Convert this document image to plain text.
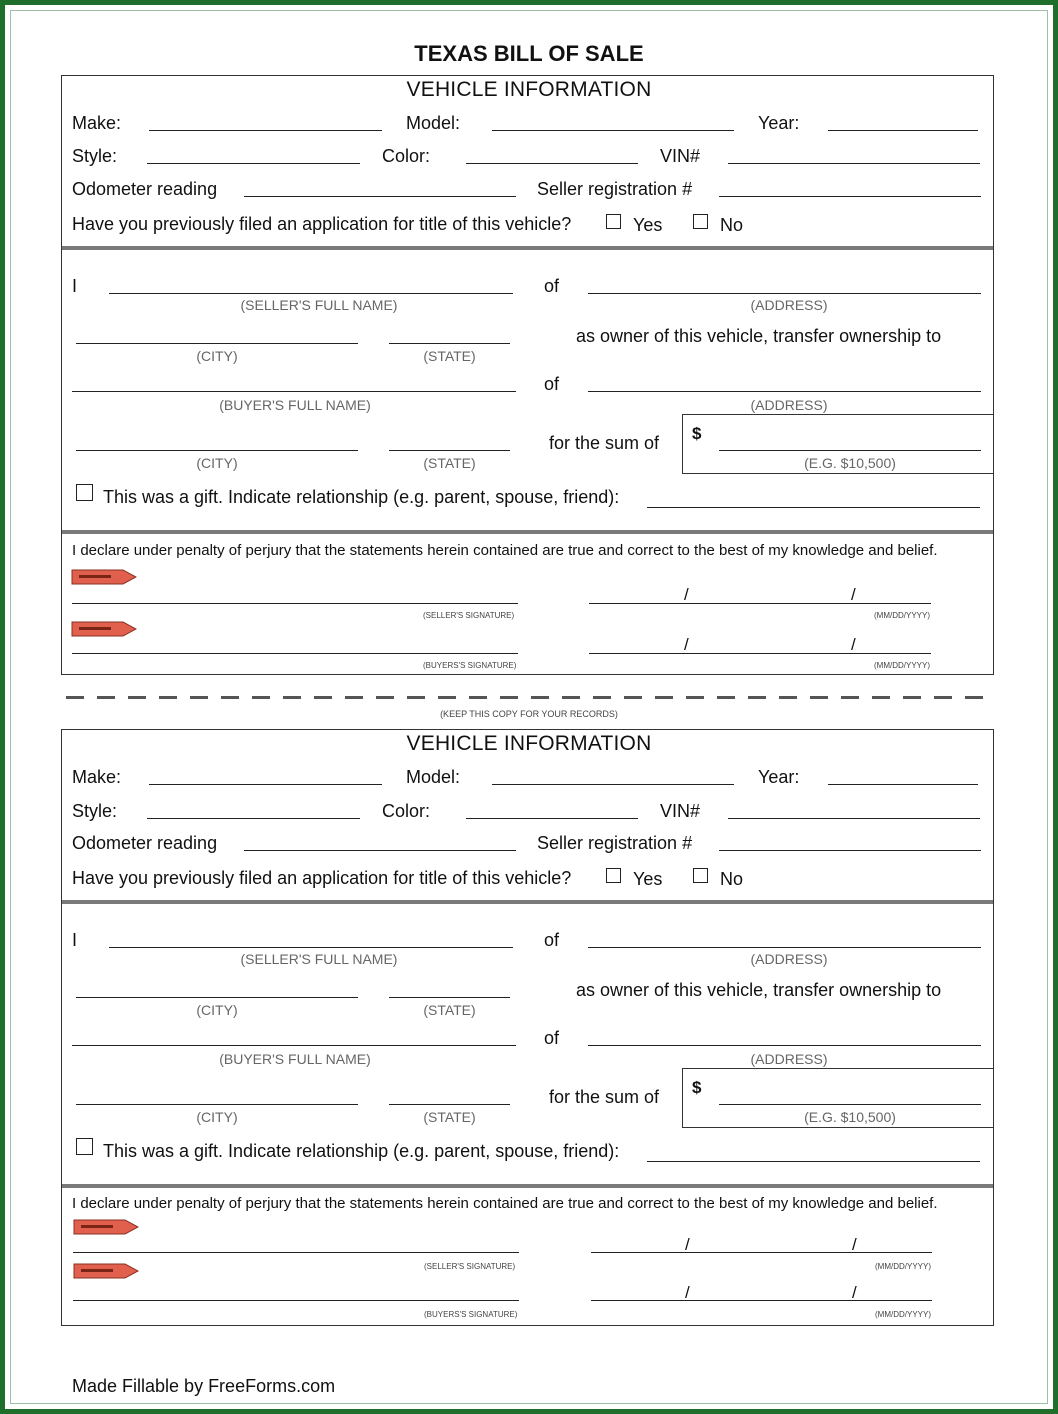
TEXAS BILL OF SALE
VEHICLE INFORMATION
Make:	Model:	Year:
Style:	Color:	VIN#
Odometer reading	Seller registration #
Have you previously filed an application for title of this vehicle?	Yes	No
I
(SELLER'S FULL NAME)
of
(ADDRESS)
(CITY)	(STATE)
as owner of this vehicle, transfer ownership to
(BUYER'S FULL NAME)
of
(ADDRESS)
(CITY)	(STATE)
for the sum of $
(E.G. $10,500)
This was a gift. Indicate relationship (e.g. parent, spouse, friend):
I declare under penalty of perjury that the statements herein contained are true and correct to the best of my knowledge and belief.
(SELLER'S SIGNATURE)
/	/
(MM/DD/YYYY)
(BUYERS'S SIGNATURE)
/	/
(MM/DD/YYYY)
(KEEP THIS COPY FOR YOUR RECORDS)
VEHICLE INFORMATION
Make:	Model:	Year:
Style:	Color:	VIN#
Odometer reading	Seller registration #
Have you previously filed an application for title of this vehicle?	Yes	No
I
(SELLER'S FULL NAME)
of
(ADDRESS)
(CITY)	(STATE)
as owner of this vehicle, transfer ownership to
(BUYER'S FULL NAME)
of
(ADDRESS)
(CITY)	(STATE)
for the sum of $
(E.G. $10,500)
This was a gift. Indicate relationship (e.g. parent, spouse, friend):
I declare under penalty of perjury that the statements herein contained are true and correct to the best of my knowledge and belief.
(SELLER'S SIGNATURE)
/	/
(MM/DD/YYYY)
(BUYERS'S SIGNATURE)
/	/
(MM/DD/YYYY)
Made Fillable by FreeForms.com
